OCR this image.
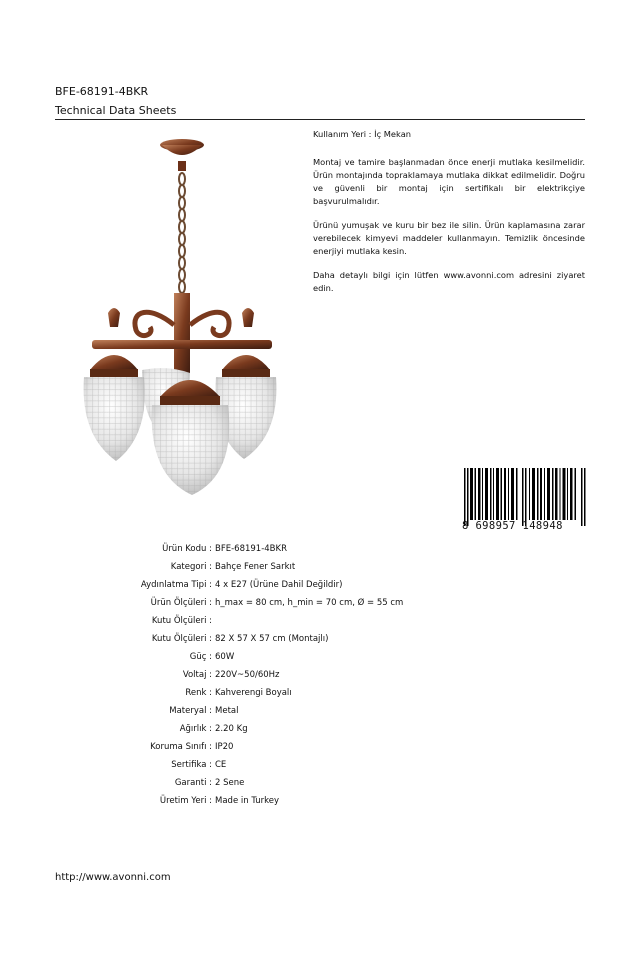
BFE-68191-4BKR
Technical Data Sheets

Kullanım Yeri : İç Mekan

Montaj ve tamire başlanmadan önce enerji mutlaka kesilmelidir. Ürün montajında topraklamaya mutlaka dikkat edilmelidir. Doğru ve güvenli bir montaj için sertifikalı bir elektrikçiye başvurulmalıdır.

Ürünü yumuşak ve kuru bir bez ile silin. Ürün kaplamasına zarar verebilecek kimyevi maddeler kullanmayın. Temizlik öncesinde enerjiyi mutlaka kesin.

Daha detaylı bilgi için lütfen www.avonni.com adresini ziyaret edin.

8 698957 148948
Ürün Kodu : BFE-68191-4BKR
Kategori : Bahçe Fener Sarkıt
Aydınlatma Tipi : 4 x E27 (Ürüne Dahil Değildir)
Ürün Ölçüleri : h_max = 80 cm, h_min = 70 cm, Ø = 55 cm
Kutu Ölçüleri :
Kutu Ölçüleri : 82 X 57 X 57 cm (Montajlı)
Güç : 60W
Voltaj : 220V~50/60Hz
Renk : Kahverengi Boyalı
Materyal : Metal
Ağırlık : 2.20 Kg
Koruma Sınıfı : IP20
Sertifika : CE
Garanti : 2 Sene
Üretim Yeri : Made in Turkey
http://www.avonni.com
